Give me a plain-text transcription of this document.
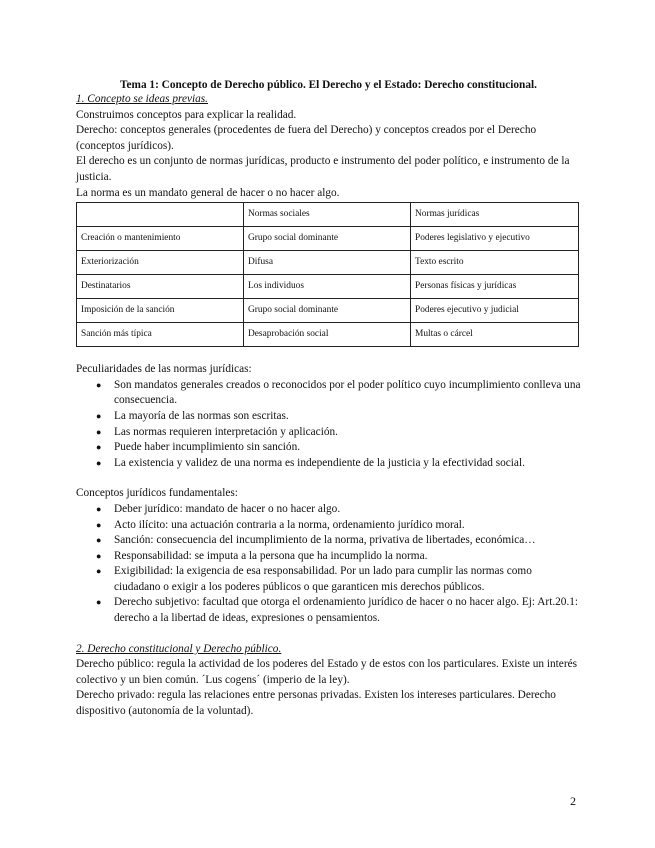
Tema 1: Concepto de Derecho público. El Derecho y el Estado: Derecho constitucional.

1. Concepto se ideas previas.

Construimos conceptos para explicar la realidad.

Derecho: conceptos generales (procedentes de fuera del Derecho) y conceptos creados por el Derecho (conceptos jurídicos).

El derecho es un conjunto de normas jurídicas, producto e instrumento del poder político, e instrumento de la justicia.

La norma es un mandato general de hacer o no hacer algo.

	Normas sociales	Normas jurídicas
Creación o mantenimiento	Grupo social dominante	Poderes legislativo y ejecutivo
Exteriorización	Difusa	Texto escrito
Destinatarios	Los individuos	Personas físicas y jurídicas
Imposición de la sanción	Grupo social dominante	Poderes ejecutivo y judicial
Sanción más típica	Desaprobación social	Multas o cárcel

Peculiaridades de las normas jurídicas:

● Son mandatos generales creados o reconocidos por el poder político cuyo incumplimiento conlleva una consecuencia.
● La mayoría de las normas son escritas.
● Las normas requieren interpretación y aplicación.
● Puede haber incumplimiento sin sanción.
● La existencia y validez de una norma es independiente de la justicia y la efectividad social.

Conceptos jurídicos fundamentales:

● Deber jurídico: mandato de hacer o no hacer algo.
● Acto ilícito: una actuación contraria a la norma, ordenamiento jurídico moral.
● Sanción: consecuencia del incumplimiento de la norma, privativa de libertades, económica…
● Responsabilidad: se imputa a la persona que ha incumplido la norma.
● Exigibilidad: la exigencia de esa responsabilidad. Por un lado para cumplir las normas como ciudadano o exigir a los poderes públicos o que garanticen mis derechos públicos.
● Derecho subjetivo: facultad que otorga el ordenamiento jurídico de hacer o no hacer algo. Ej: Art.20.1: derecho a la libertad de ideas, expresiones o pensamientos.

2. Derecho constitucional y Derecho público.

Derecho público: regula la actividad de los poderes del Estado y de estos con los particulares. Existe un interés colectivo y un bien común. ´Lus cogens´ (imperio de la ley).

Derecho privado: regula las relaciones entre personas privadas. Existen los intereses particulares. Derecho dispositivo (autonomía de la voluntad).

2
